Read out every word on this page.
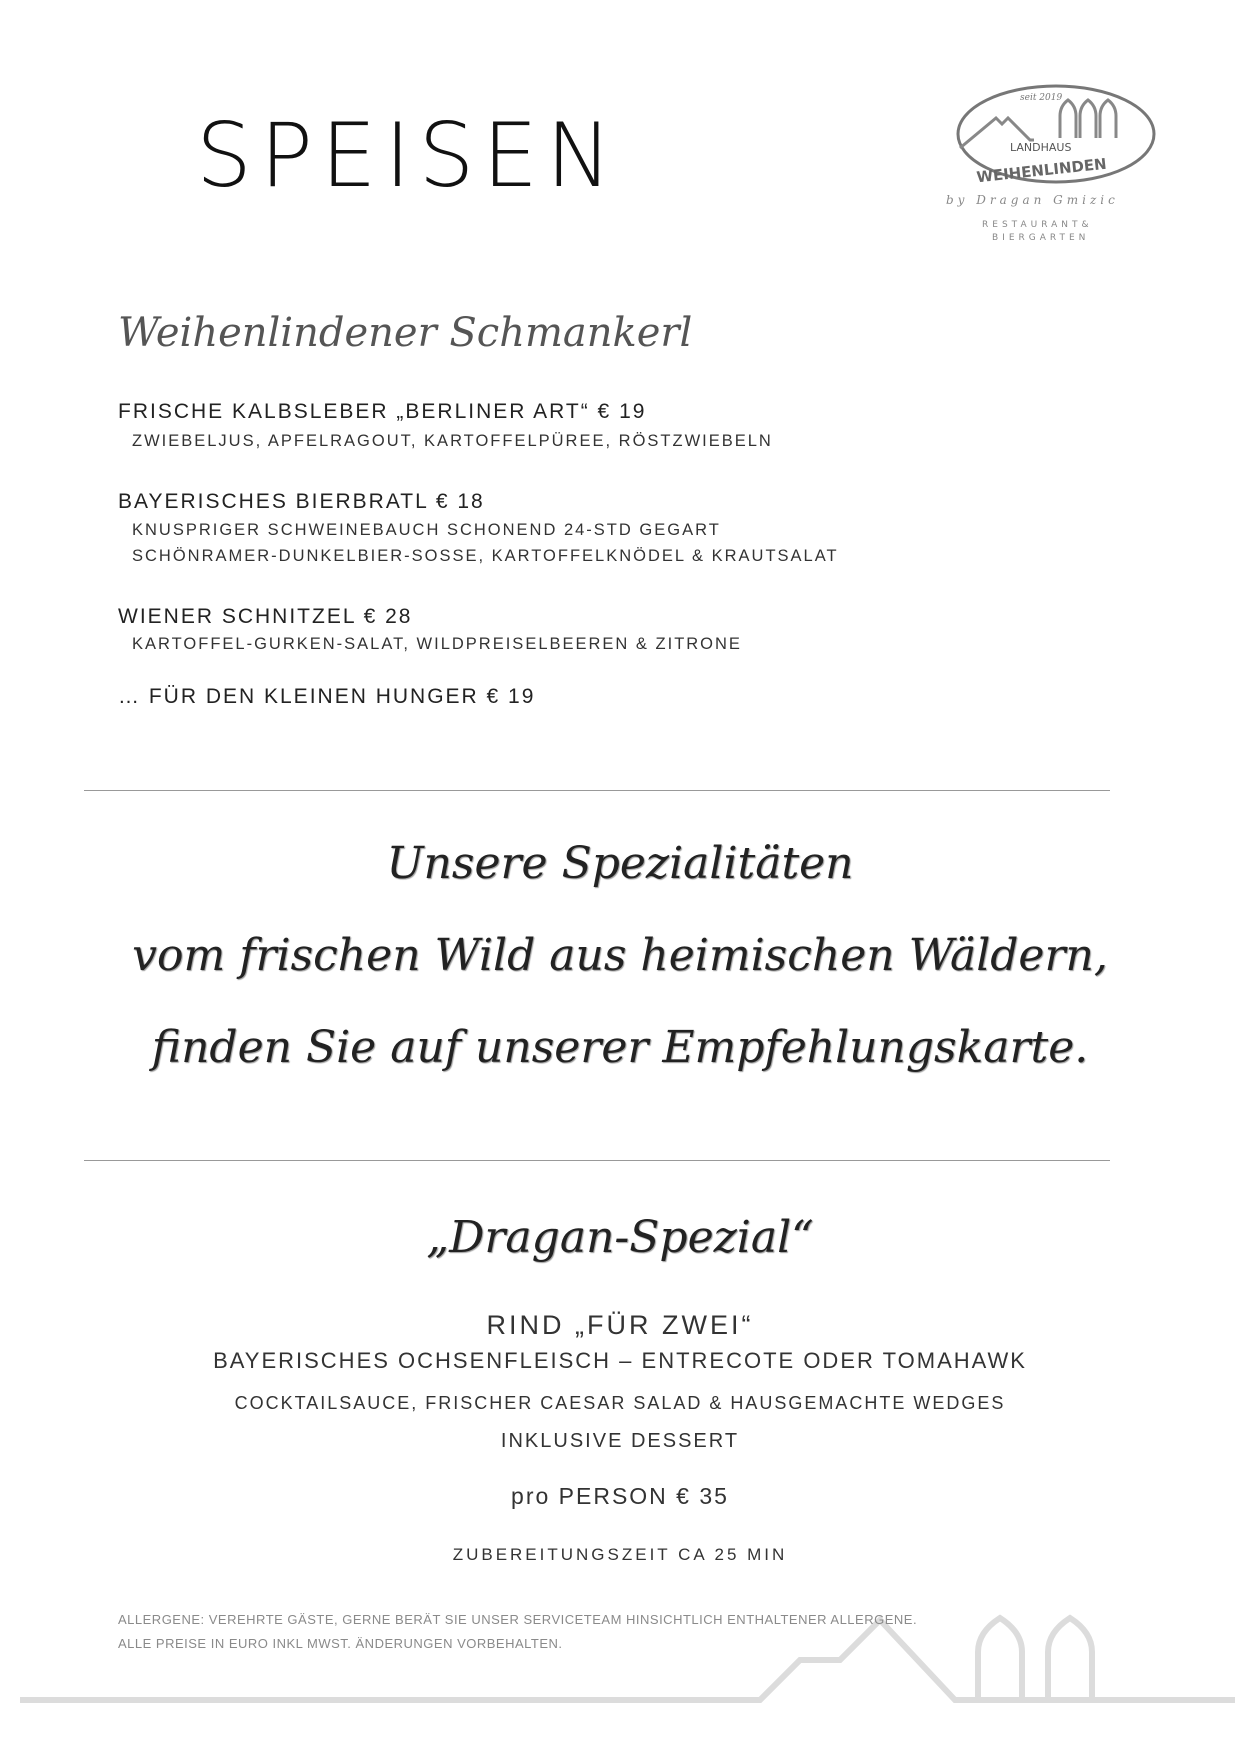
SPEISEN
seit 2019
LANDHAUS
WEIHENLINDEN
by Dragan Gmizic
RESTAURANT&
BIERGARTEN
Weihenlindener Schmankerl
FRISCHE KALBSLEBER „BERLINER ART“ € 19
ZWIEBELJUS, APFELRAGOUT, KARTOFFELPÜREE, RÖSTZWIEBELN
BAYERISCHES BIERBRATL € 18
KNUSPRIGER SCHWEINEBAUCH SCHONEND 24-STD GEGART
SCHÖNRAMER-DUNKELBIER-SOSSE, KARTOFFELKNÖDEL & KRAUTSALAT
WIENER SCHNITZEL € 28
KARTOFFEL-GURKEN-SALAT, WILDPREISELBEEREN & ZITRONE
… FÜR DEN KLEINEN HUNGER € 19
Unsere Spezialitäten
vom frischen Wild aus heimischen Wäldern,
finden Sie auf unserer Empfehlungskarte.
„Dragan-Spezial“
RIND „FÜR ZWEI“
BAYERISCHES OCHSENFLEISCH – ENTRECOTE ODER TOMAHAWK
COCKTAILSAUCE, FRISCHER CAESAR SALAD & HAUSGEMACHTE WEDGES
INKLUSIVE DESSERT
pro PERSON € 35
ZUBEREITUNGSZEIT CA 25 MIN
ALLERGENE: VEREHRTE GÄSTE, GERNE BERÄT SIE UNSER SERVICETEAM HINSICHTLICH ENTHALTENER ALLERGENE.
ALLE PREISE IN EURO INKL MWST. ÄNDERUNGEN VORBEHALTEN.
